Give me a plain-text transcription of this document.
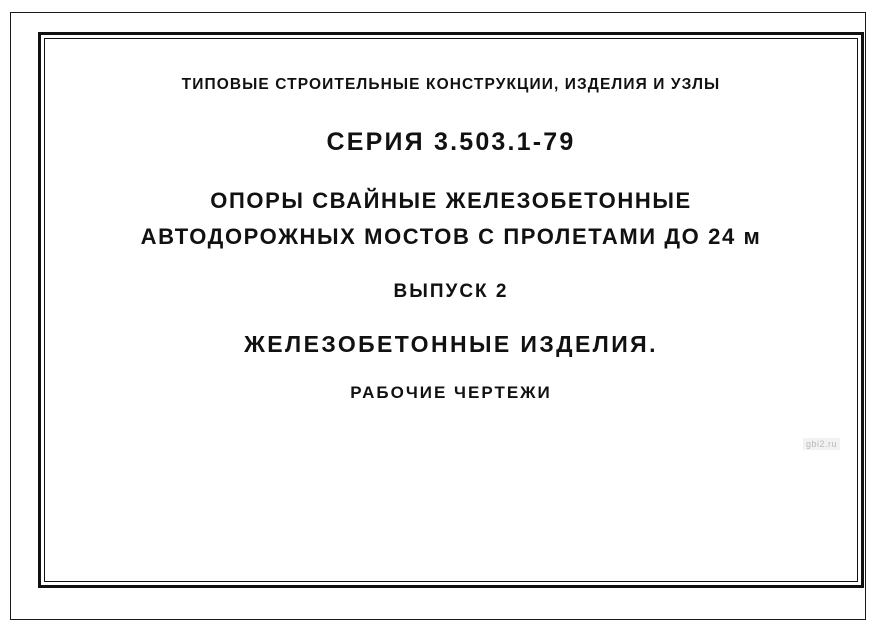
ТИПОВЫЕ СТРОИТЕЛЬНЫЕ КОНСТРУКЦИИ, ИЗДЕЛИЯ И УЗЛЫ
СЕРИЯ 3.503.1-79
ОПОРЫ СВАЙНЫЕ ЖЕЛЕЗОБЕТОННЫЕ
АВТОДОРОЖНЫХ МОСТОВ С ПРОЛЕТАМИ ДО 24 м
ВЫПУСК 2
ЖЕЛЕЗОБЕТОННЫЕ ИЗДЕЛИЯ.
РАБОЧИЕ ЧЕРТЕЖИ
gbi2.ru
